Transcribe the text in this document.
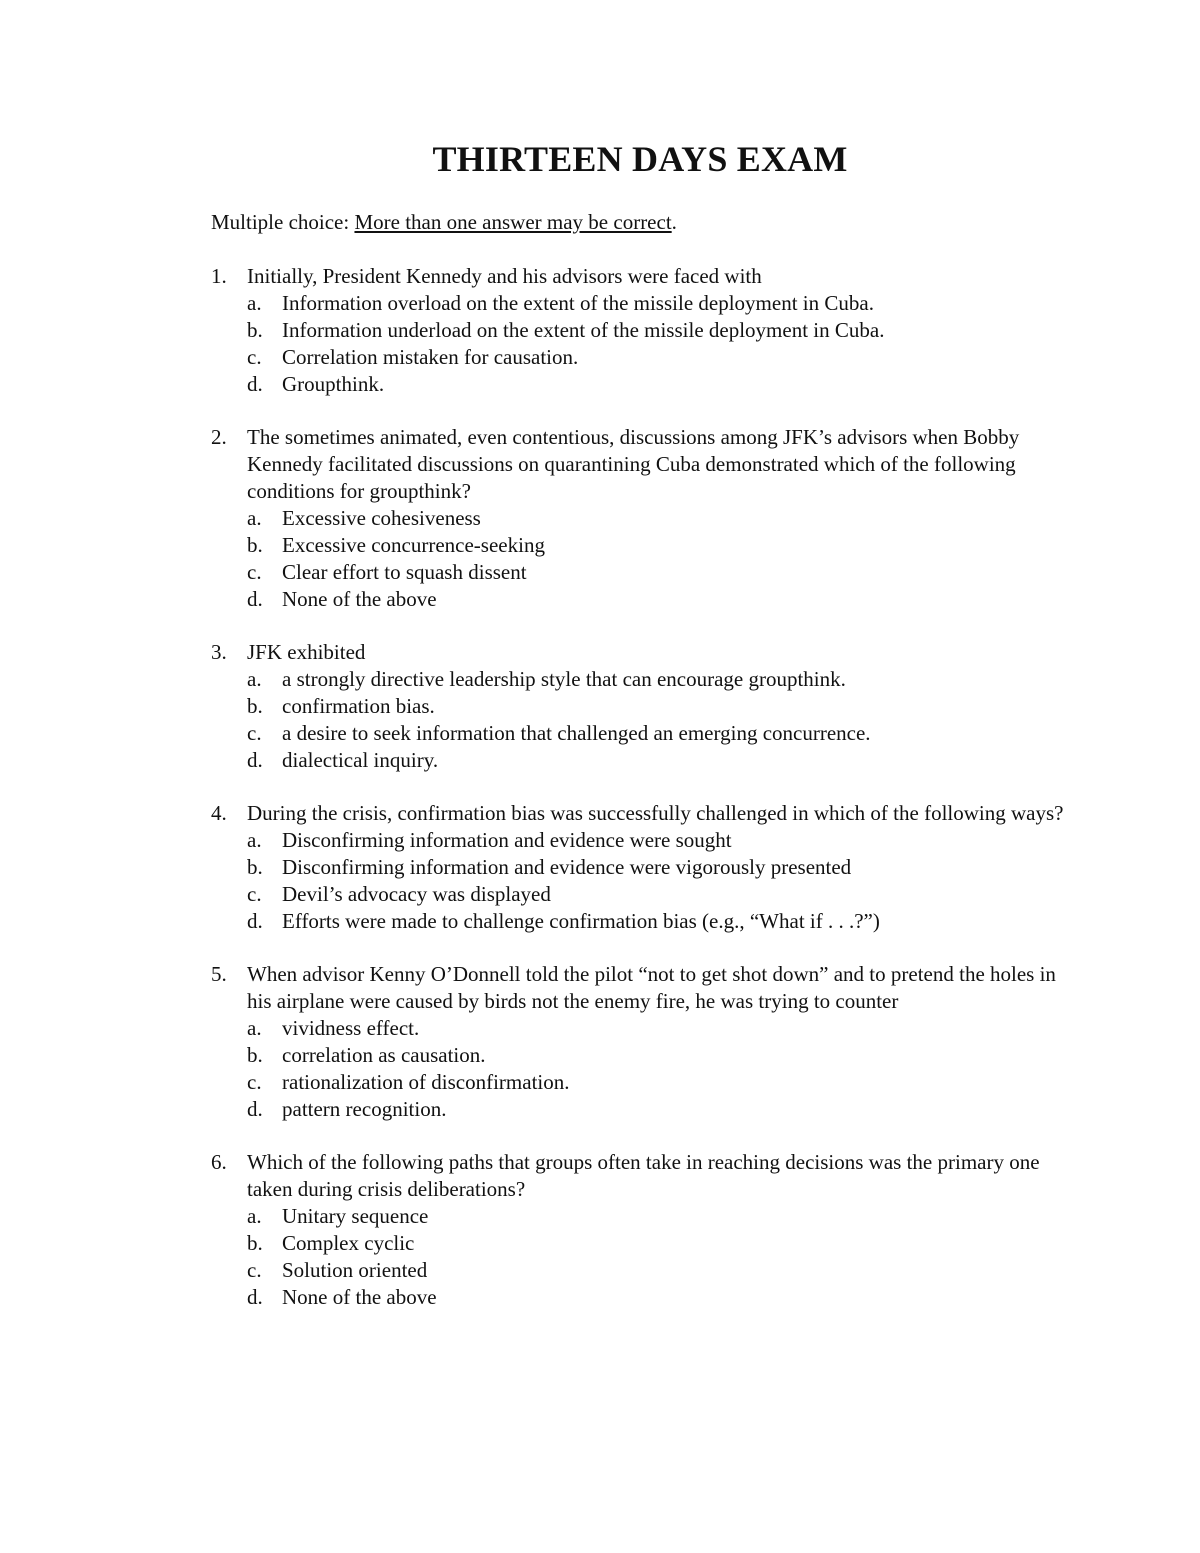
THIRTEEN DAYS EXAM

Multiple choice: More than one answer may be correct.

1. Initially, President Kennedy and his advisors were faced with
a. Information overload on the extent of the missile deployment in Cuba.
b. Information underload on the extent of the missile deployment in Cuba.
c. Correlation mistaken for causation.
d. Groupthink.
2. The sometimes animated, even contentious, discussions among JFK’s advisors when Bobby Kennedy facilitated discussions on quarantining Cuba demonstrated which of the following conditions for groupthink?
a. Excessive cohesiveness
b. Excessive concurrence-seeking
c. Clear effort to squash dissent
d. None of the above
3. JFK exhibited
a. a strongly directive leadership style that can encourage groupthink.
b. confirmation bias.
c. a desire to seek information that challenged an emerging concurrence.
d. dialectical inquiry.
4. During the crisis, confirmation bias was successfully challenged in which of the following ways?
a. Disconfirming information and evidence were sought
b. Disconfirming information and evidence were vigorously presented
c. Devil’s advocacy was displayed
d. Efforts were made to challenge confirmation bias (e.g., “What if . . .?”)
5. When advisor Kenny O’Donnell told the pilot “not to get shot down” and to pretend the holes in his airplane were caused by birds not the enemy fire, he was trying to counter
a. vividness effect.
b. correlation as causation.
c. rationalization of disconfirmation.
d. pattern recognition.
6. Which of the following paths that groups often take in reaching decisions was the primary one taken during crisis deliberations?
a. Unitary sequence
b. Complex cyclic
c. Solution oriented
d. None of the above
